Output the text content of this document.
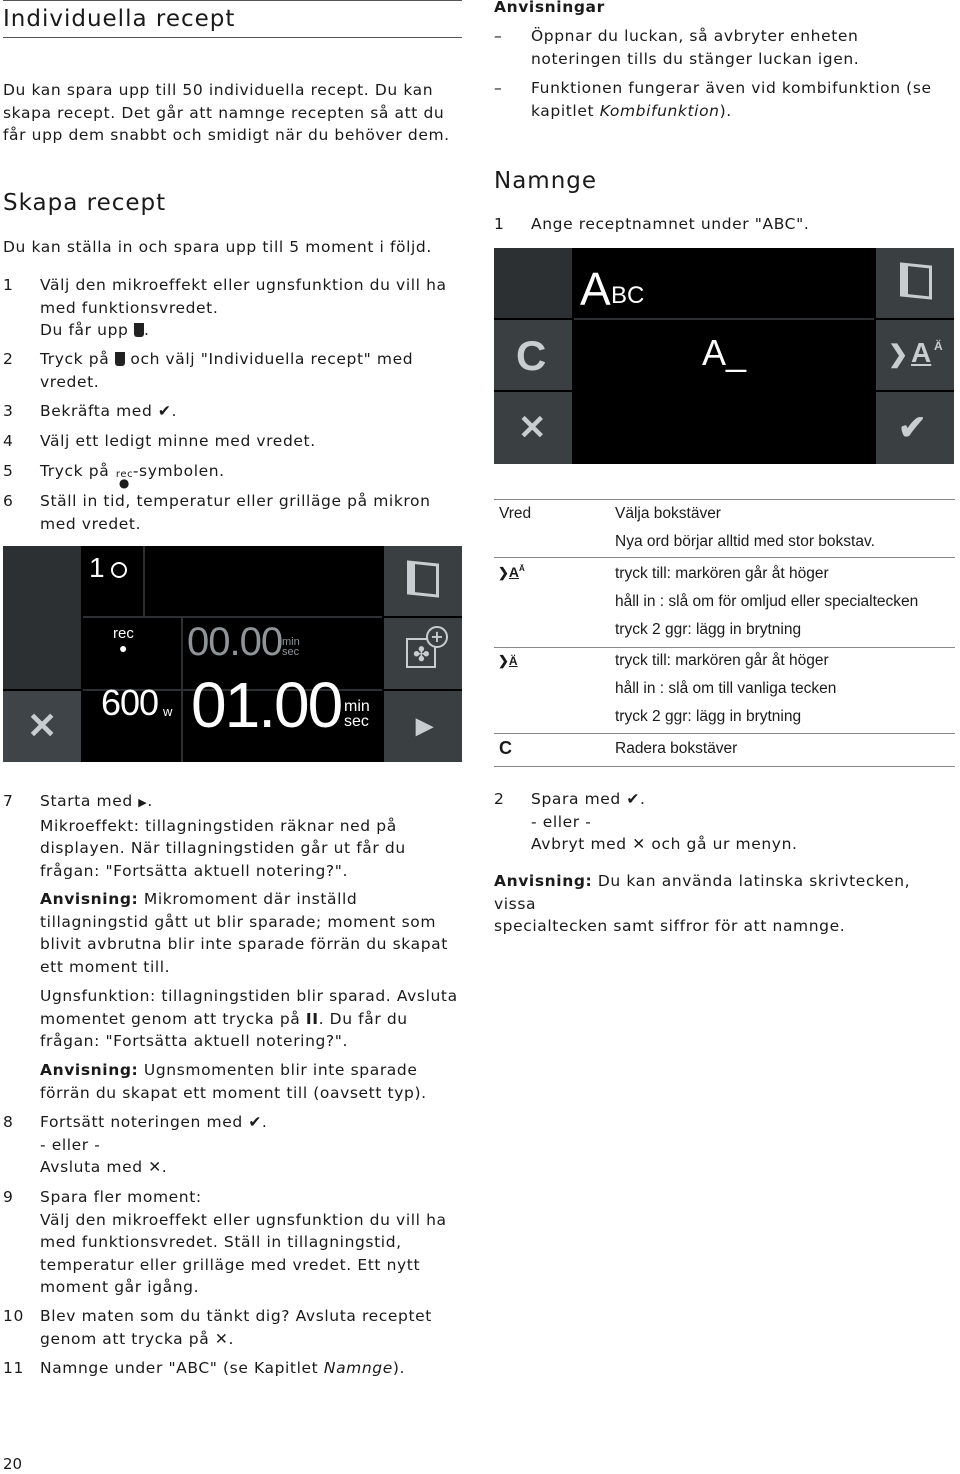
Individuella recept
Du kan spara upp till 50 individuella recept. Du kan skapa recept. Det går att namnge recepten så att du får upp dem snabbt och smidigt när du behöver dem.
Skapa recept
Du kan ställa in och spara upp till 5 moment i följd.
1 Välj den mikroeffekt eller ugnsfunktion du vill ha
med funktionsvredet.
Du får upp .
2 Tryck på och välj "Individuella recept" med
vredet.
3 Bekräfta med ✔.
4 Välj ett ledigt minne med vredet.
5 Tryck på rec
●
-symbolen.
6 Ställ in tid, temperatur eller grilläge på mikron
med vredet.
✕
✤
+
▶
1
rec
● 00.00 min
sec
600 w 01.00 min
sec
7 Starta med ▶.
Mikroeffekt: tillagningstiden räknar ned på
displayen. När tillagningstiden går ut får du
frågan: "Fortsätta aktuell notering?".
Anvisning: Mikromoment där inställd
tillagningstid gått ut blir sparade; moment som
blivit avbrutna blir inte sparade förrän du skapat
ett moment till.
Ugnsfunktion: tillagningstiden blir sparad. Avsluta
momentet genom att trycka på II. Du får du
frågan: "Fortsätta aktuell notering?".
Anvisning: Ugnsmomenten blir inte sparade
förrän du skapat ett moment till (oavsett typ).
8 Fortsätt noteringen med ✔.
- eller -
Avsluta med ✕.
9 Spara fler moment:
Välj den mikroeffekt eller ugnsfunktion du vill ha
med funktionsvredet. Ställ in tillagningstid,
temperatur eller grilläge med vredet. Ett nytt
moment går igång.
10 Blev maten som du tänkt dig? Avsluta receptet
genom att trycka på ✕.
11 Namnge under "ABC" (se Kapitlet Namnge).
20
Anvisningar
– Öppnar du luckan, så avbryter enheten
noteringen tills du stänger luckan igen.
– Funktionen fungerar även vid kombifunktion (se
kapitlet Kombifunktion).
Namnge
1 Ange receptnamnet under "ABC".
C
✕
❯ A Ä
✔
A BC
A_
Vred	Välja bokstäver
Nya ord börjar alltid med stor bokstav.
$❯A^Ä$	tryck till: markören går åt höger
håll in : slå om för omljud eller specialtecken
tryck 2 ggr: lägg in brytning
❯Ä	tryck till: markören går åt höger
håll in : slå om till vanliga tecken
tryck 2 ggr: lägg in brytning
C	Radera bokstäver
2 Spara med ✔.
- eller -
Avbryt med ✕ och gå ur menyn.
Anvisning: Du kan använda latinska skrivtecken, vissa
specialtecken samt siffror för att namnge.
